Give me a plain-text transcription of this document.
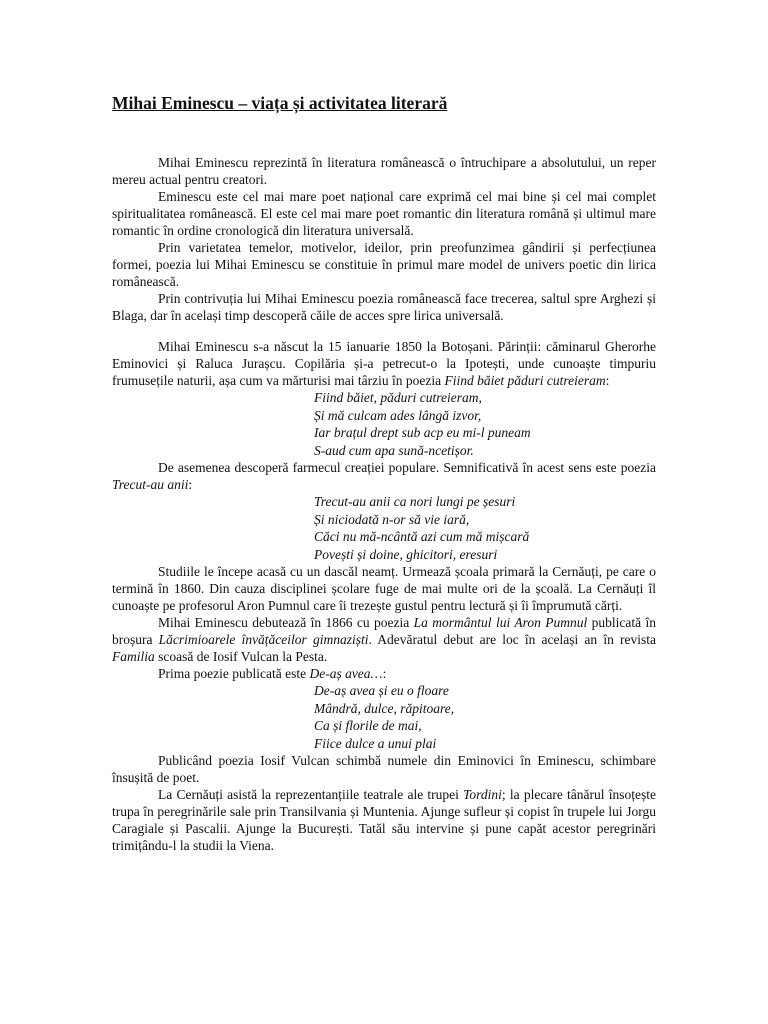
Mihai Eminescu – viața și activitatea literară

Mihai Eminescu reprezintă în literatura românească o întruchipare a absolutului, un reper mereu actual pentru creatori.

Eminescu este cel mai mare poet național care exprimă cel mai bine și cel mai complet spiritualitatea românească. El este cel mai mare poet romantic din literatura română și ultimul mare romantic în ordine cronologică din literatura universală.

Prin varietatea temelor, motivelor, ideilor, prin preofunzimea gândirii și perfecțiunea formei, poezia lui Mihai Eminescu se constituie în primul mare model de univers poetic din lirica românească.

Prin contrivuția lui Mihai Eminescu poezia românească face trecerea, saltul spre Arghezi și Blaga, dar în același timp descoperă căile de acces spre lirica universală.

Mihai Eminescu s-a născut la 15 ianuarie 1850 la Botoșani. Părinții: căminarul Gherorhe Eminovici și Raluca Jurașcu. Copilăria și-a petrecut-o la Ipotești, unde cunoaște timpuriu frumusețile naturii, așa cum va mărturisi mai târziu în poezia Fiind băiet păduri cutreieram:

Fiind băiet, păduri cutreieram,
Și mă culcam ades lângă izvor,
Iar brațul drept sub acp eu mi-l puneam
S-aud cum apa sună-ncetișor.

De asemenea descoperă farmecul creației populare. Semnificativă în acest sens este poezia Trecut-au anii:

Trecut-au anii ca nori lungi pe șesuri
Și niciodată n-or să vie iară,
Căci nu mă-ncântă azi cum mă mișcară
Povești și doine, ghicitori, eresuri

Studiile le începe acasă cu un dascăl neamț. Urmează școala primară la Cernăuți, pe care o termină în 1860. Din cauza disciplinei școlare fuge de mai multe ori de la școală. La Cernăuți îl cunoaște pe profesorul Aron Pumnul care îi trezește gustul pentru lectură și îi împrumută cărți.

Mihai Eminescu debutează în 1866 cu poezia La mormântul lui Aron Pumnul publicată în broșura Lăcrimioarele învățăceilor gimnaziști. Adevăratul debut are loc în același an în revista Familia scoasă de Iosif Vulcan la Pesta.

Prima poezie publicată este De-aș avea…:

De-aș avea și eu o floare
Mândră, dulce, răpitoare,
Ca și florile de mai,
Fiice dulce a unui plai

Publicând poezia Iosif Vulcan schimbă numele din Eminovici în Eminescu, schimbare însușită de poet.

La Cernăuți asistă la reprezentanțiile teatrale ale trupei Tordini; la plecare tânărul însoțește trupa în peregrinările sale prin Transilvania și Muntenia. Ajunge sufleur și copist în trupele lui Jorgu Caragiale și Pascalii. Ajunge la București. Tatăl său intervine și pune capăt acestor peregrinări trimițându-l la studii la Viena.
